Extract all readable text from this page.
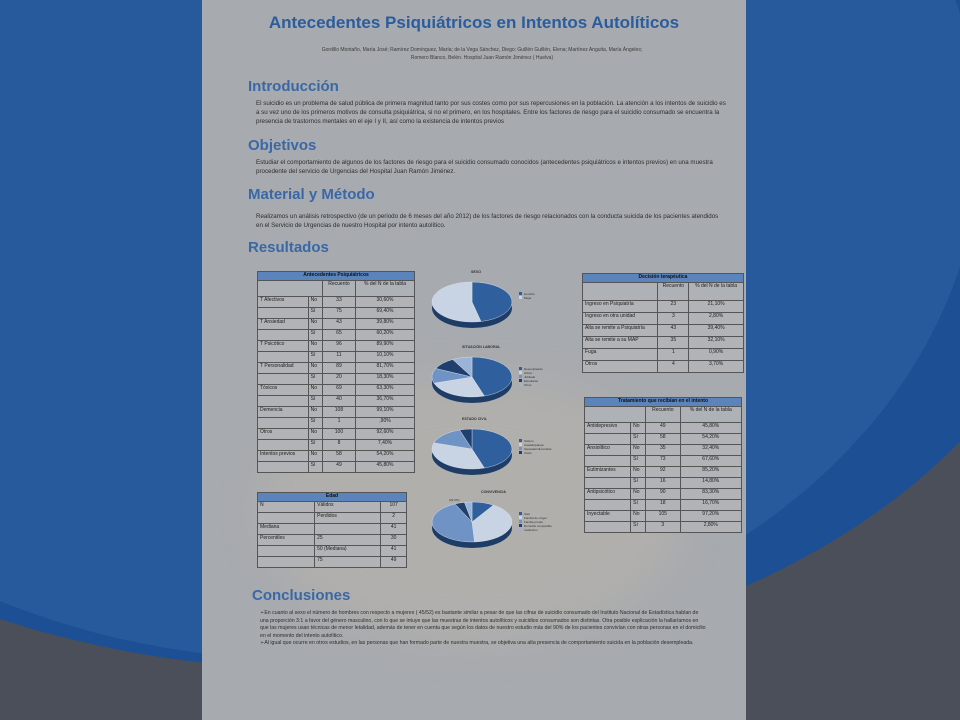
Antecedentes Psiquiátricos en Intentos Autolíticos
Gordillo Montaño, María José; Ramírez Domínguez, María; de la Vega Sánchez, Diego; Guillén Guillén, Elena; Martínez Anguita, María Ángeles; Romero Blanco, Belén. Hospital Juan Ramón Jiménez ( Huelva)
Introducción
El suicidio es un problema de salud pública de primera magnitud tanto por sus costes como por sus repercusiones en la población. La atención a los intentos de suicidio es a su vez uno de los primeros motivos de consulta psiquiátrica, si no el primero, en los hospitales. Entre los factores de riesgo para el suicidio consumado se encuentra la presencia de trastornos mentales en el eje I y II, así como la existencia de intentos previos
Objetivos
Estudiar el comportamiento de algunos de los factores de riesgo para el suicidio consumado conocidos (antecedentes psiquiátricos e intentos previos) en una muestra procedente del servicio de Urgencias del Hospital Juan Ramón Jiménez.
Material y Método
Realizamos un análisis retrospectivo (de un periodo de 6 meses del año 2012) de los factores de riesgo relacionados con la conducta suicida de los pacientes atendidos en el Servicio de Urgencias de nuestro Hospital por intento autolítico.
Resultados
Antecedentes Psiquiátricos			
		Recuento	% del N de la tabla
T Afectivos	No	33	30,60%
	Sí	75	69,40%
T Ansiedad	No	43	39,80%
	Sí	65	60,20%
T Psicótico	No	96	89,90%
	Sí	11	10,10%
T Personalidad	No	89	81,70%
	Sí	20	18,30%
Tóxicos	No	69	63,30%
	Sí	40	36,70%
Demencia	No	108	99,10%
	Sí	1	,90%
Otros	No	100	92,60%
	Sí	8	7,40%
Intentos previos	No	58	54,20%
	Sí	49	45,80%
Edad		
N	Válidos	107
	Perdidos	2
Mediana		41
Percentiles	25	30
	50 (Mediana)	41
	75	49
SEXO
Hombre
Mujer
SITUACIÓN LABORAL
Desempleado
Activo
Jubilado
Estudiante
Otros
ESTADO CIVIL
Soltero
Casado/pareja
Separado/divorciado
Viudo
CONVIVENCIA
(29,3%)
Solo
Familia de origen
Familia propia
Domicilio compartido
Institución
Decisión terapéutica		
	Recuento	% del N de la tabla
Ingreso en Psiquiatría	23	21,10%
Ingreso en otra unidad	3	2,80%
Alta se remite a Psiquiatría	43	39,40%
Alta se remite a su MAP	35	32,10%
Fuga	1	0,90%
Otros	4	3,70%
Tratamiento que recibían en el intento			
		Recuento	% del N de la tabla
Antidepresivo	No	49	45,80%
	Sí	58	54,20%
Ansiolítico	No	35	32,40%
	Sí	73	67,60%
Eutimizantes	No	92	85,20%
	Sí	16	14,80%
Antipsicótico	No	90	83,30%
	Sí	18	16,70%
Inyectable	No	105	97,20%
	Sí	3	2,80%
Conclusiones
➢En cuanto al sexo el número de hombres con respecto a mujeres ( 45/52) es bastante similar a pesar de que las cifras de suicidio consumado del Instituto Nacional de Estadística hablan de una proporción 3:1 a favor del género masculino, con lo que se intuye que las muestras de intentos autolíticos y suicidios consumados son distintas. Otra posible explicación la hallaríamos en que las mujeres usan técnicas de menor letalidad, además de tener en cuenta que según los datos de nuestro estudio más del 90% de los pacientes convivían con otras personas en el domicilio en el momento del intento autolítico.
➢Al igual que ocurre en otros estudios, en las personas que han formado parte de nuestra muestra, se objetiva una alta presencia de comportamiento suicida en la población desempleada.
